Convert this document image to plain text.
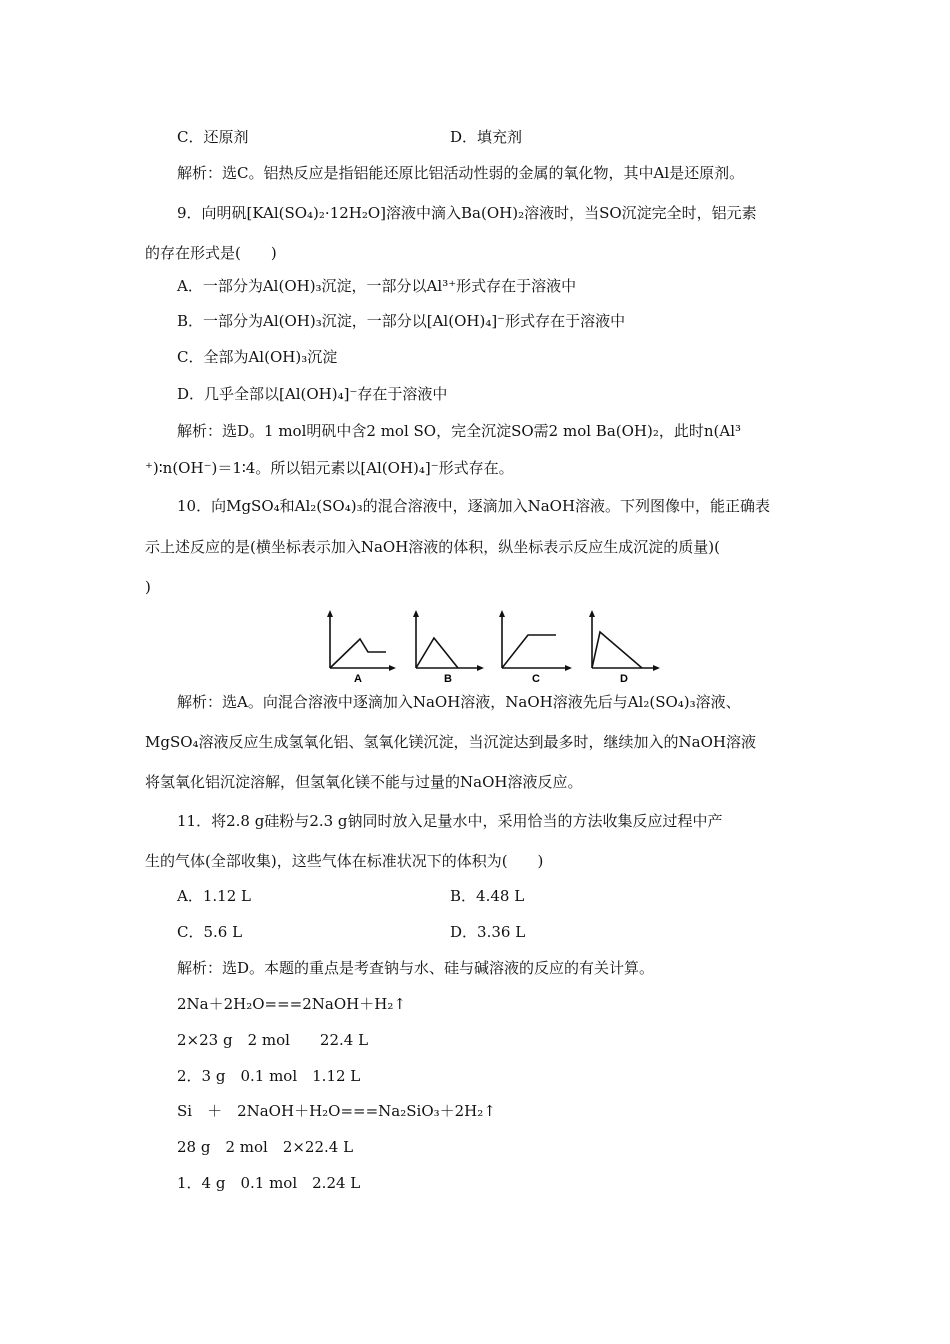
C．还原剂	D．填充剂
解析：选C。铝热反应是指铝能还原比铝活动性弱的金属的氧化物，其中Al是还原剂。
9．向明矾[KAl(SO₄)₂·12H₂O]溶液中滴入Ba(OH)₂溶液时，当SO沉淀完全时，铝元素
的存在形式是(　　)
A．一部分为Al(OH)₃沉淀，一部分以Al³⁺形式存在于溶液中
B．一部分为Al(OH)₃沉淀，一部分以[Al(OH)₄]⁻形式存在于溶液中
C．全部为Al(OH)₃沉淀
D．几乎全部以[Al(OH)₄]⁻存在于溶液中
解析：选D。1 mol明矾中含2 mol SO，完全沉淀SO需2 mol Ba(OH)₂，此时n(Al³
⁺)∶n(OH⁻)＝1∶4。所以铝元素以[Al(OH)₄]⁻形式存在。
10．向MgSO₄和Al₂(SO₄)₃的混合溶液中，逐滴加入NaOH溶液。下列图像中，能正确表
示上述反应的是(横坐标表示加入NaOH溶液的体积，纵坐标表示反应生成沉淀的质量)(
)
A	B	C	D
解析：选A。向混合溶液中逐滴加入NaOH溶液，NaOH溶液先后与Al₂(SO₄)₃溶液、
MgSO₄溶液反应生成氢氧化铝、氢氧化镁沉淀，当沉淀达到最多时，继续加入的NaOH溶液
将氢氧化铝沉淀溶解，但氢氧化镁不能与过量的NaOH溶液反应。
11．将2.8 g硅粉与2.3 g钠同时放入足量水中，采用恰当的方法收集反应过程中产
生的气体(全部收集)，这些气体在标准状况下的体积为(　　)
A．1.12 L	B．4.48 L
C．5.6 L	D．3.36 L
解析：选D。本题的重点是考查钠与水、硅与碱溶液的反应的有关计算。
2Na＋2H₂O===2NaOH＋H₂↑
2×23 g　2 mol　　22.4 L
2．3 g　0.1 mol　1.12 L
Si　＋　2NaOH＋H₂O===Na₂SiO₃＋2H₂↑
28 g　2 mol　2×22.4 L
1．4 g　0.1 mol　2.24 L
